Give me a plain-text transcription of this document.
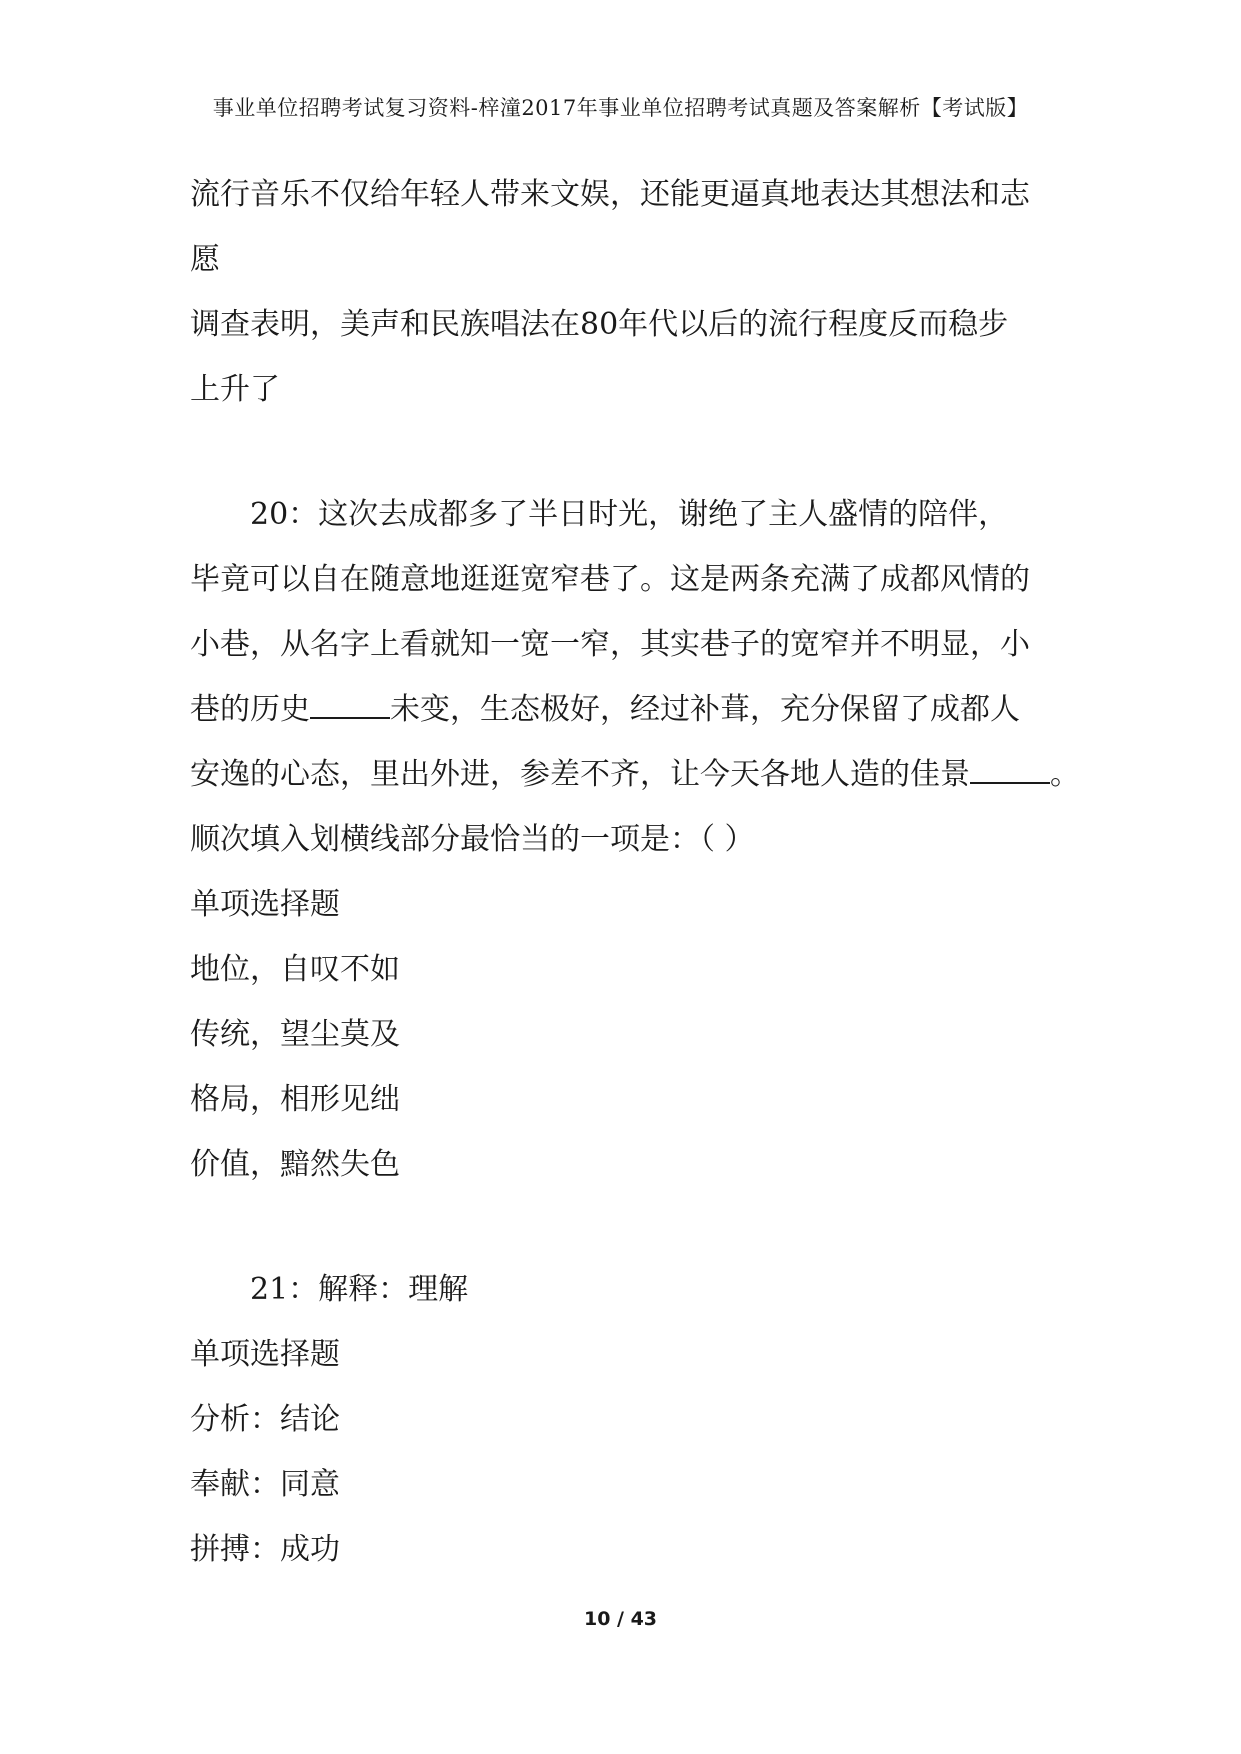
事业单位招聘考试复习资料-梓潼2017年事业单位招聘考试真题及答案解析【考试版】
流行音乐不仅给年轻人带来文娱，还能更逼真地表达其想法和志
愿
调查表明，美声和民族唱法在80年代以后的流行程度反而稳步
上升了
20：这次去成都多了半日时光，谢绝了主人盛情的陪伴，
毕竟可以自在随意地逛逛宽窄巷了。这是两条充满了成都风情的
小巷，从名字上看就知一宽一窄，其实巷子的宽窄并不明显，小
巷的历史	未变，生态极好，经过补葺，充分保留了成都人
安逸的心态，里出外进，参差不齐，让今天各地人造的佳景	。
顺次填入划横线部分最恰当的一项是：（ ）
单项选择题
地位，自叹不如
传统，望尘莫及
格局，相形见绌
价值，黯然失色
21：解释：理解
单项选择题
分析：结论
奉献：同意
拼搏：成功
10 / 43
